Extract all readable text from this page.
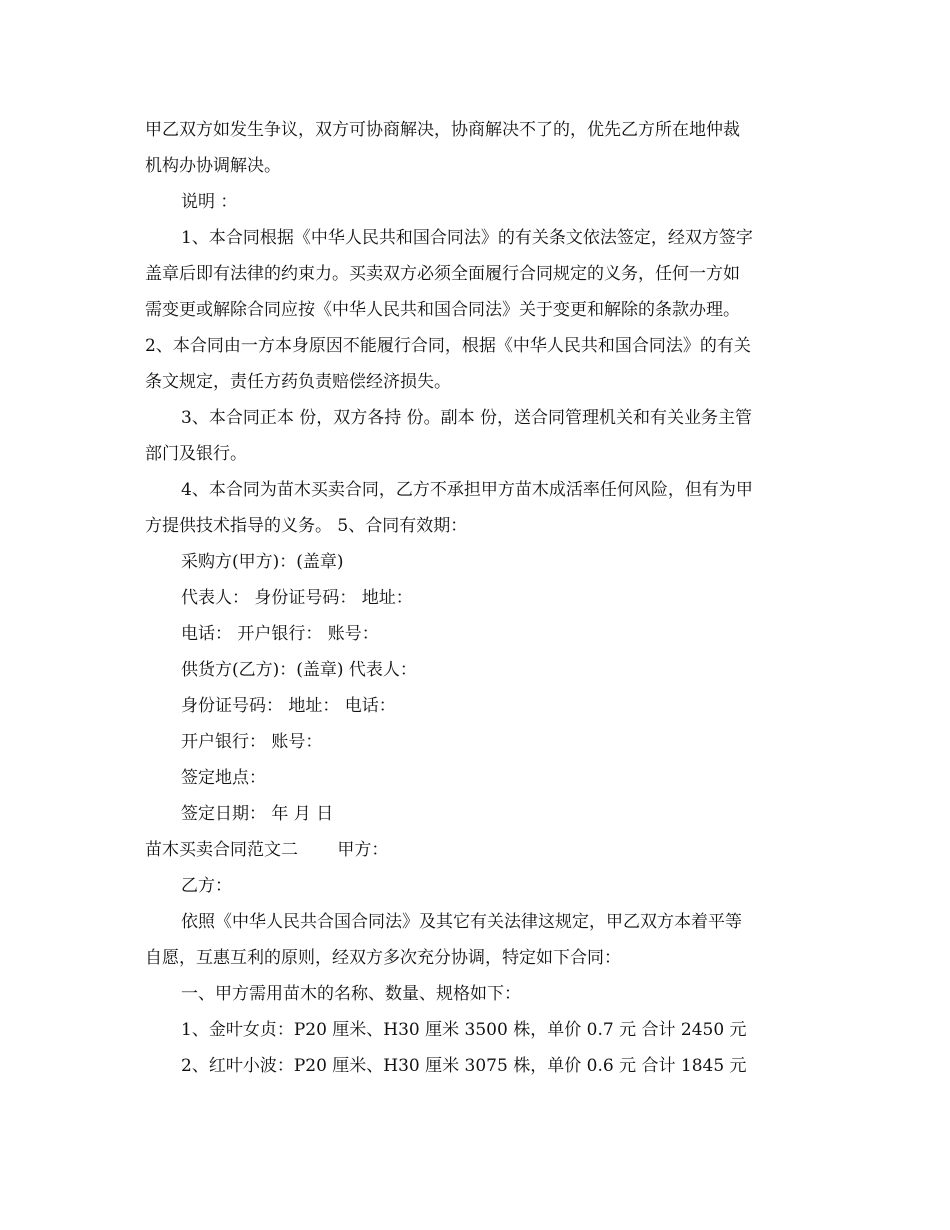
甲乙双方如发生争议，双方可协商解决，协商解决不了的，优先乙方所在地仲裁
机构办协调解决。
说明 ：
1、本合同根据《中华人民共和国合同法》的有关条文依法签定，经双方签字
盖章后即有法律的约束力。买卖双方必须全面履行合同规定的义务，任何一方如
需变更或解除合同应按《中华人民共和国合同法》关于变更和解除的条款办理。
2、本合同由一方本身原因不能履行合同，根据《中华人民共和国合同法》的有关
条文规定，责任方药负责赔偿经济损失。
3、本合同正本 份，双方各持 份。副本 份，送合同管理机关和有关业务主管
部门及银行。
4、本合同为苗木买卖合同，乙方不承担甲方苗木成活率任何风险，但有为甲
方提供技术指导的义务。 5、合同有效期：
采购方(甲方)：(盖章)
代表人： 身份证号码： 地址：
电话： 开户银行： 账号：
供货方(乙方)：(盖章) 代表人：
身份证号码： 地址： 电话：
开户银行： 账号：
签定地点：
签定日期： 年 月 日
苗木买卖合同范文二　　 甲方：
乙方：
依照《中华人民共合国合同法》及其它有关法律这规定，甲乙双方本着平等
自愿，互惠互利的原则，经双方多次充分协调，特定如下合同：
一、甲方需用苗木的名称、数量、规格如下：
1、金叶女贞：P20 厘米、H30 厘米 3500 株，单价 0.7 元 合计 2450 元
2、红叶小波：P20 厘米、H30 厘米 3075 株，单价 0.6 元 合计 1845 元
